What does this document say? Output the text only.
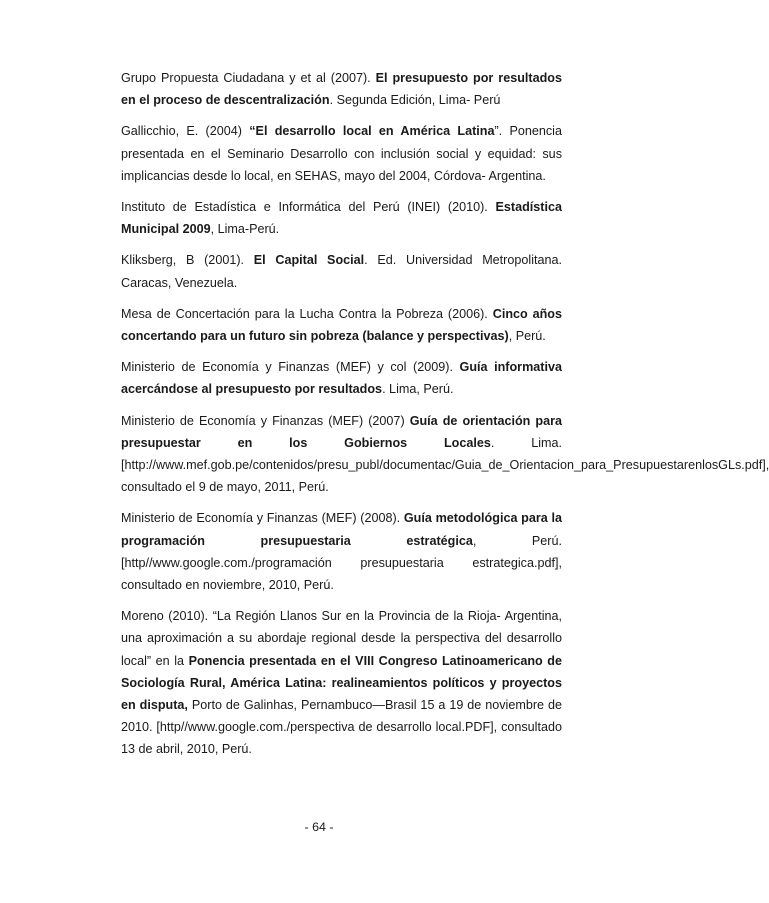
Grupo Propuesta Ciudadana y et al (2007). El presupuesto por resultados en el proceso de descentralización. Segunda Edición, Lima- Perú

Gallicchio, E. (2004) “El desarrollo local en América Latina”. Ponencia presentada en el Seminario Desarrollo con inclusión social y equidad: sus implicancias desde lo local, en SEHAS, mayo del 2004, Córdova- Argentina.

Instituto de Estadística e Informática del Perú (INEI) (2010). Estadística Municipal 2009, Lima-Perú.

Kliksberg, B (2001). El Capital Social. Ed. Universidad Metropolitana. Caracas, Venezuela.

Mesa de Concertación para la Lucha Contra la Pobreza (2006). Cinco años concertando para un futuro sin pobreza (balance y perspectivas), Perú.

Ministerio de Economía y Finanzas (MEF) y col (2009). Guía informativa acercándose al presupuesto por resultados. Lima, Perú.

Ministerio de Economía y Finanzas (MEF) (2007) Guía de orientación para presupuestar en los Gobiernos Locales. Lima. [http://www.mef.gob.pe/contenidos/presu_publ/documentac/Guia_de_Orientacion_para_PresupuestarenlosGLs.pdf], consultado el 9 de mayo, 2011, Perú.

Ministerio de Economía y Finanzas (MEF) (2008). Guía metodológica para la programación presupuestaria estratégica, Perú. [http//www.google.com./programación presupuestaria estrategica.pdf], consultado en noviembre, 2010, Perú.

Moreno (2010). “La Región Llanos Sur en la Provincia de la Rioja- Argentina, una aproximación a su abordaje regional desde la perspectiva del desarrollo local” en la Ponencia presentada en el VIII Congreso Latinoamericano de Sociología Rural, América Latina: realineamientos políticos y proyectos en disputa, Porto de Galinhas, Pernambuco—Brasil 15 a 19 de noviembre de 2010. [http//www.google.com./perspectiva de desarrollo local.PDF], consultado 13 de abril, 2010, Perú.

- 64 -
